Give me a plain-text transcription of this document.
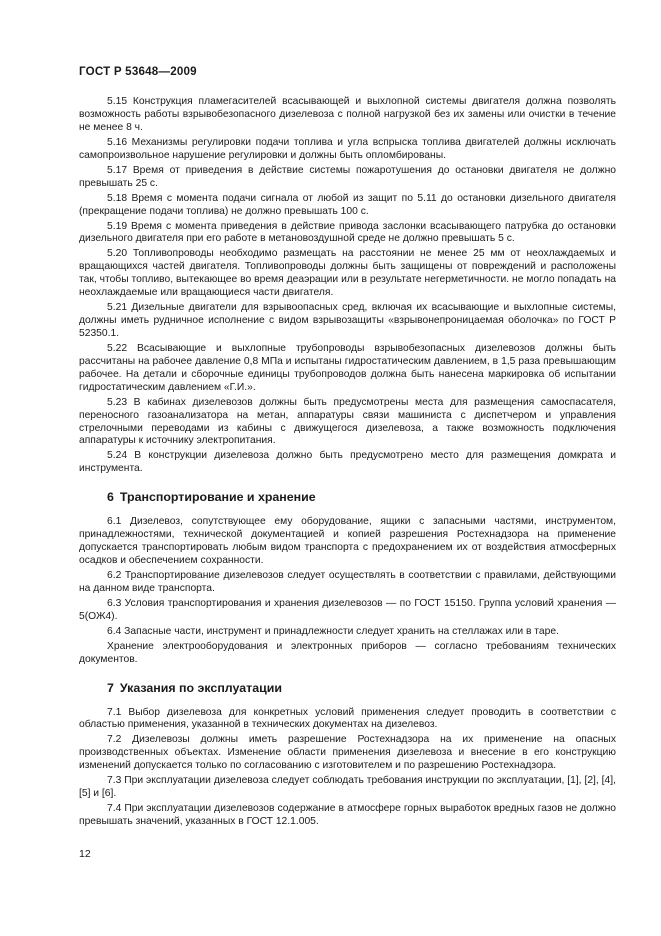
ГОСТ Р 53648—2009

5.15 Конструкция пламегасителей всасывающей и выхлопной системы двигателя должна позволять возможность работы взрывобезопасного дизелевоза с полной нагрузкой без их замены или очистки в течение не менее 8 ч.

5.16 Механизмы регулировки подачи топлива и угла вспрыска топлива двигателей должны исключать самопроизвольное нарушение регулировки и должны быть опломбированы.

5.17 Время от приведения в действие системы пожаротушения до остановки двигателя не должно превышать 25 с.

5.18 Время с момента подачи сигнала от любой из защит по 5.11 до остановки дизельного двигателя (прекращение подачи топлива) не должно превышать 100 с.

5.19 Время с момента приведения в действие привода заслонки всасывающего патрубка до остановки дизельного двигателя при его работе в метановоздушной среде не должно превышать 5 с.

5.20 Топливопроводы необходимо размещать на расстоянии не менее 25 мм от неохлаждаемых и вращающихся частей двигателя. Топливопроводы должны быть защищены от повреждений и расположены так, чтобы топливо, вытекающее во время деаэрации или в результате негерметичности. не могло попадать на неохлаждаемые или вращающиеся части двигателя.

5.21 Дизельные двигатели для взрывоопасных сред, включая их всасывающие и выхлопные системы, должны иметь рудничное исполнение с видом взрывозащиты «взрывонепроницаемая оболочка» по ГОСТ Р 52350.1.

5.22 Всасывающие и выхлопные трубопроводы взрывобезопасных дизелевозов должны быть рассчитаны на рабочее давление 0,8 МПа и испытаны гидростатическим давлением, в 1,5 раза превышающим рабочее. На детали и сборочные единицы трубопроводов должна быть нанесена маркировка об испытании гидростатическим давлением «Г.И.».

5.23 В кабинах дизелевозов должны быть предусмотрены места для размещения самоспасателя, переносного газоанализатора на метан, аппаратуры связи машиниста с диспетчером и управления стрелочными переводами из кабины с движущегося дизелевоза, а также возможность подключения аппаратуры к источнику электропитания.

5.24 В конструкции дизелевоза должно быть предусмотрено место для размещения домкрата и инструмента.

6 Транспортирование и хранение

6.1 Дизелевоз, сопутствующее ему оборудование, ящики с запасными частями, инструментом, принадлежностями, технической документацией и копией разрешения Ростехнадзора на применение допускается транспортировать любым видом транспорта с предохранением их от воздействия атмосферных осадков и обеспечением сохранности.

6.2 Транспортирование дизелевозов следует осуществлять в соответствии с правилами, действующими на данном виде транспорта.

6.3 Условия транспортирования и хранения дизелевозов — по ГОСТ 15150. Группа условий хранения — 5(ОЖ4).

6.4 Запасные части, инструмент и принадлежности следует хранить на стеллажах или в таре.

Хранение электрооборудования и электронных приборов — согласно требованиям технических документов.

7 Указания по эксплуатации

7.1 Выбор дизелевоза для конкретных условий применения следует проводить в соответствии с областью применения, указанной в технических документах на дизелевоз.

7.2 Дизелевозы должны иметь разрешение Ростехнадзора на их применение на опасных производственных объектах. Изменение области применения дизелевоза и внесение в его конструкцию изменений допускается только по согласованию с изготовителем и по разрешению Ростехнадзора.

7.3 При эксплуатации дизелевоза следует соблюдать требования инструкции по эксплуатации, [1], [2], [4], [5] и [6].

7.4 При эксплуатации дизелевозов содержание в атмосфере горных выработок вредных газов не должно превышать значений, указанных в ГОСТ 12.1.005.

12
